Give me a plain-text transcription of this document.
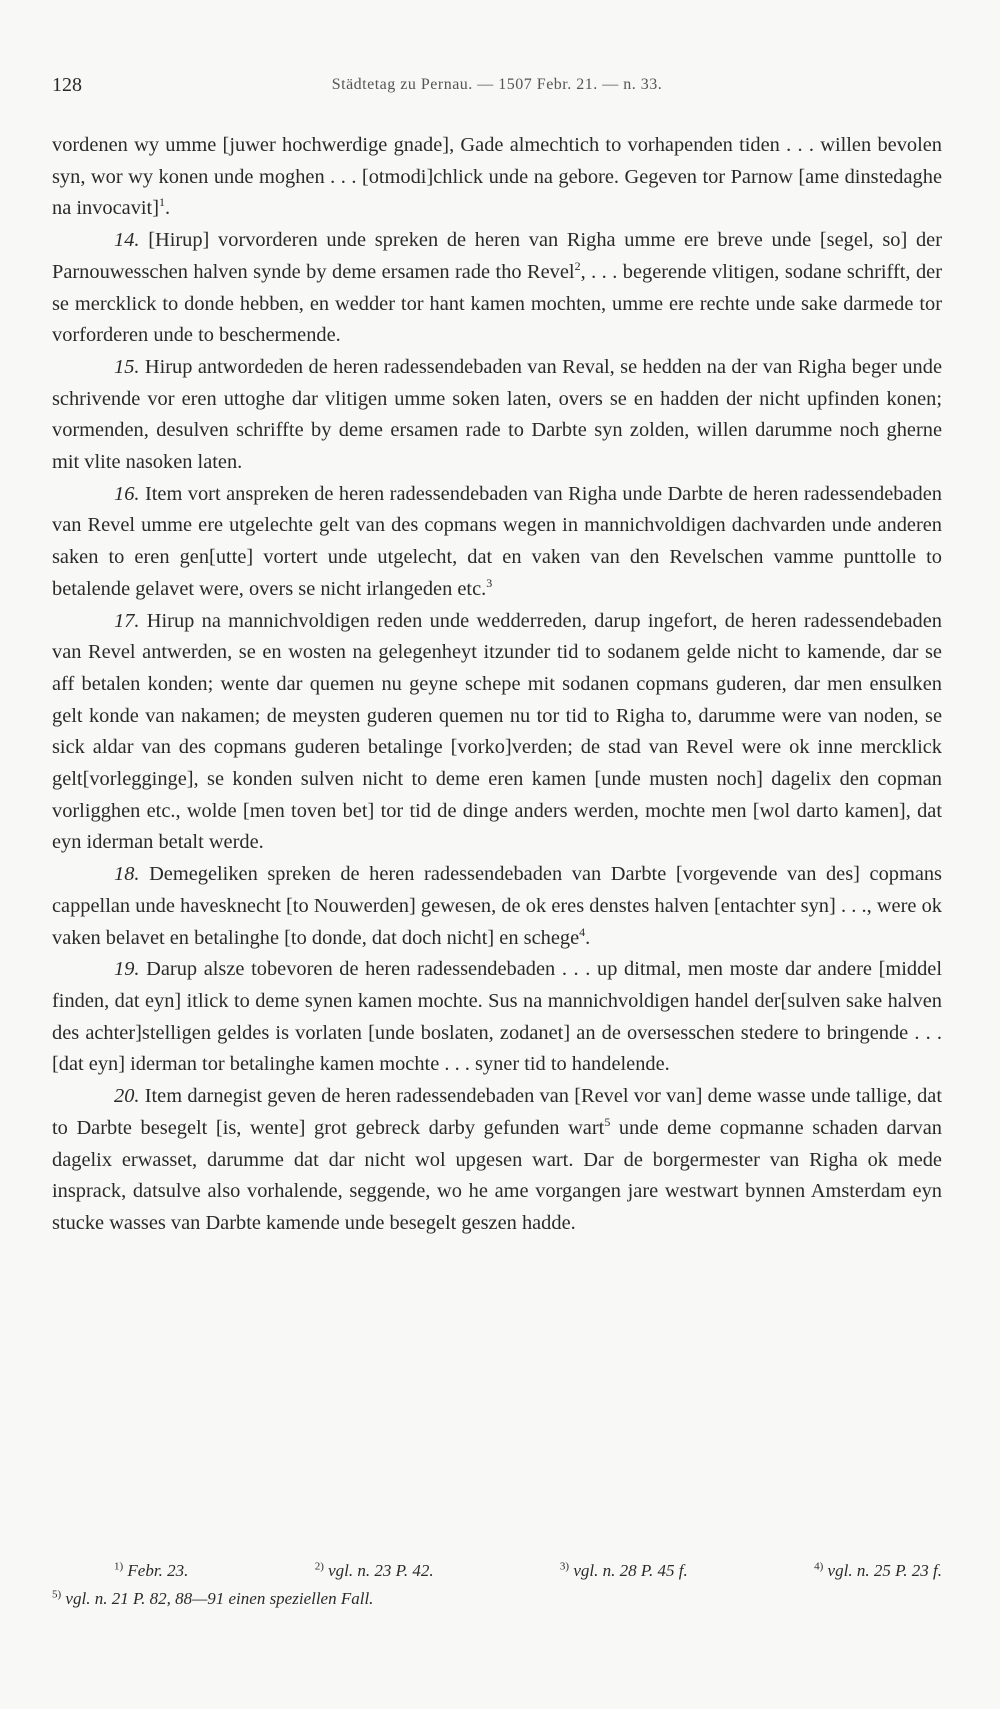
128	Städtetag zu Pernau. — 1507 Febr. 21. — n. 33.

vordenen wy umme [juwer hochwerdige gnade], Gade almechtich to vorhapenden tiden . . . willen bevolen syn, wor wy konen unde moghen . . . [otmodi]chlick unde na gebore. Gegeven tor Parnow [ame dinstedaghe na invocavit]$^1$.

14. [Hirup] vorvorderen unde spreken de heren van Righa umme ere breve unde [segel, so] der Parnouwesschen halven synde by deme ersamen rade tho Revel$^2$, . . . begerende vlitigen, sodane schrifft, der se mercklick to donde hebben, en wedder tor hant kamen mochten, umme ere rechte unde sake darmede tor vorforderen unde to beschermende.

15. Hirup antwordeden de heren radessendebaden van Reval, se hedden na der van Righa beger unde schrivende vor eren uttoghe dar vlitigen umme soken laten, overs se en hadden der nicht upfinden konen; vormenden, desulven schriffte by deme ersamen rade to Darbte syn zolden, willen darumme noch gherne mit vlite nasoken laten.

16. Item vort anspreken de heren radessendebaden van Righa unde Darbte de heren radessendebaden van Revel umme ere utgelechte gelt van des copmans wegen in mannichvoldigen dachvarden unde anderen saken to eren gen[utte] vortert unde utgelecht, dat en vaken van den Revelschen vamme punttolle to betalende gelavet were, overs se nicht irlangeden etc.$^3$

17. Hirup na mannichvoldigen reden unde wedderreden, darup ingefort, de heren radessendebaden van Revel antwerden, se en wosten na gelegenheyt itzunder tid to sodanem gelde nicht to kamende, dar se aff betalen konden; wente dar quemen nu geyne schepe mit sodanen copmans guderen, dar men ensulken gelt konde van nakamen; de meysten guderen quemen nu tor tid to Righa to, darumme were van noden, se sick aldar van des copmans guderen betalinge [vorko]verden; de stad van Revel were ok inne mercklick gelt[vorlegginge], se konden sulven nicht to deme eren kamen [unde musten noch] dagelix den copman vorligghen etc., wolde [men toven bet] tor tid de dinge anders werden, mochte men [wol darto kamen], dat eyn iderman betalt werde.

18. Demegeliken spreken de heren radessendebaden van Darbte [vorgevende van des] copmans cappellan unde havesknecht [to Nouwerden] gewesen, de ok eres denstes halven [entachter syn] . . ., were ok vaken belavet en betalinghe [to donde, dat doch nicht] en schege$^4$.

19. Darup alsze tobevoren de heren radessendebaden . . . up ditmal, men moste dar andere [middel finden, dat eyn] itlick to deme synen kamen mochte. Sus na mannichvoldigen handel der[sulven sake halven des achter]stelligen geldes is vorlaten [unde boslaten, zodanet] an de oversesschen stedere to bringende . . . [dat eyn] iderman tor betalinghe kamen mochte . . . syner tid to handelende.

20. Item darnegist geven de heren radessendebaden van [Revel vor van] deme wasse unde tallige, dat to Darbte besegelt [is, wente] grot gebreck darby gefunden wart$^5$ unde deme copmanne schaden darvan dagelix erwasset, darumme dat dar nicht wol upgesen wart. Dar de borgermester van Righa ok mede insprack, datsulve also vorhalende, seggende, wo he ame vorgangen jare westwart bynnen Amsterdam eyn stucke wasses van Darbte kamende unde besegelt geszen hadde.

$^{1)}$ Febr. 23.	$^{2)}$ vgl. n. 23 P. 42.	$^{3)}$ vgl. n. 28 P. 45 f.	$^{4)}$ vgl. n. 25 P. 23 f.
$^{5)}$ vgl. n. 21 P. 82, 88—91 einen speziellen Fall.
